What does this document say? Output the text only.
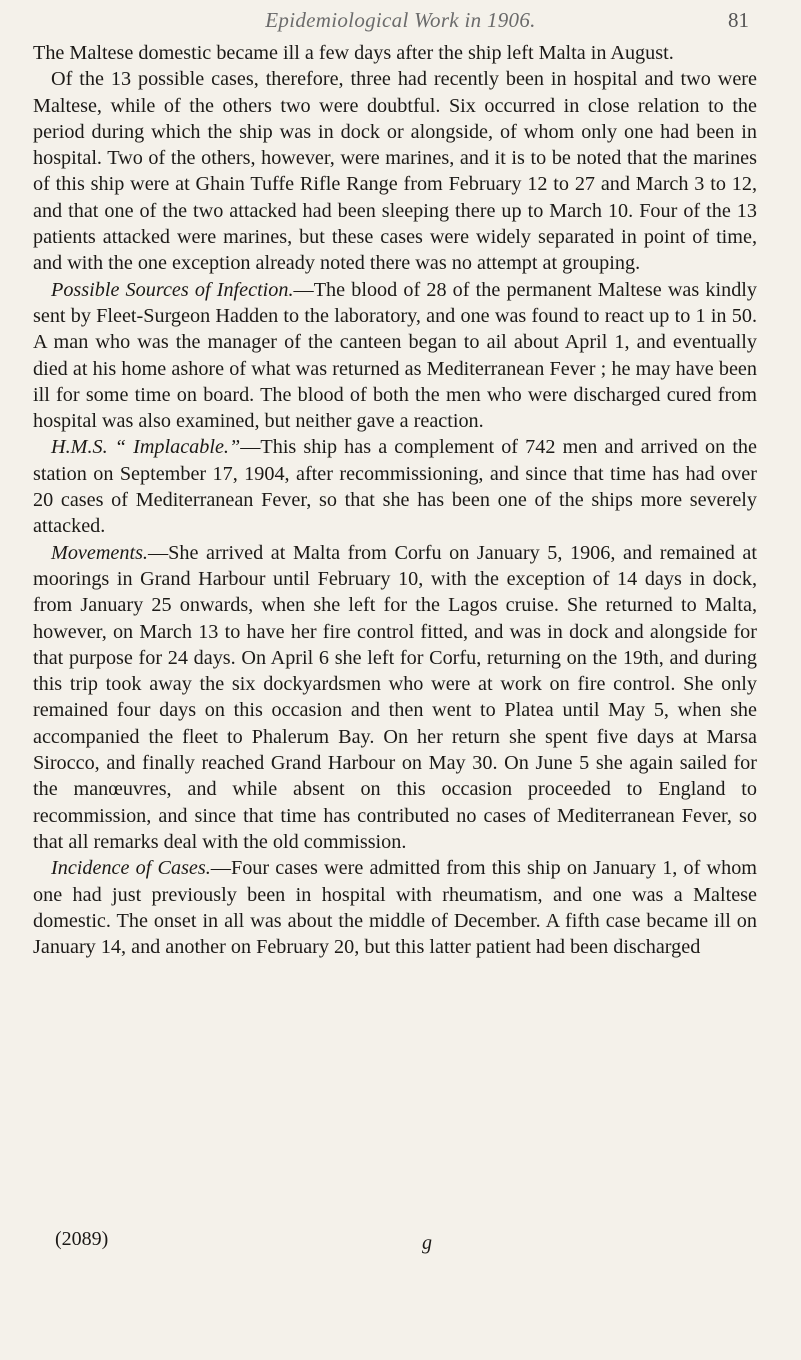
Epidemiological Work in 1906.	81

The Maltese domestic became ill a few days after the ship left Malta in August.

Of the 13 possible cases, therefore, three had recently been in hospital and two were Maltese, while of the others two were doubtful. Six occurred in close relation to the period during which the ship was in dock or alongside, of whom only one had been in hospital. Two of the others, however, were marines, and it is to be noted that the marines of this ship were at Ghain Tuffe Rifle Range from February 12 to 27 and March 3 to 12, and that one of the two attacked had been sleeping there up to March 10. Four of the 13 patients attacked were marines, but these cases were widely separated in point of time, and with the one exception already noted there was no attempt at grouping.

Possible Sources of Infection.—The blood of 28 of the permanent Maltese was kindly sent by Fleet-Surgeon Hadden to the laboratory, and one was found to react up to 1 in 50. A man who was the manager of the canteen began to ail about April 1, and eventually died at his home ashore of what was returned as Mediterranean Fever ; he may have been ill for some time on board. The blood of both the men who were discharged cured from hospital was also examined, but neither gave a reaction.

H.M.S. “ Implacable.”—This ship has a complement of 742 men and arrived on the station on September 17, 1904, after recommissioning, and since that time has had over 20 cases of Mediterranean Fever, so that she has been one of the ships more severely attacked.

Movements.—She arrived at Malta from Corfu on January 5, 1906, and remained at moorings in Grand Harbour until February 10, with the exception of 14 days in dock, from January 25 onwards, when she left for the Lagos cruise. She returned to Malta, however, on March 13 to have her fire control fitted, and was in dock and alongside for that purpose for 24 days. On April 6 she left for Corfu, returning on the 19th, and during this trip took away the six dockyardsmen who were at work on fire control. She only remained four days on this occasion and then went to Platea until May 5, when she accompanied the fleet to Phalerum Bay. On her return she spent five days at Marsa Sirocco, and finally reached Grand Harbour on May 30. On June 5 she again sailed for the manœuvres, and while absent on this occasion proceeded to England to recommission, and since that time has contributed no cases of Mediterranean Fever, so that all remarks deal with the old commission.

Incidence of Cases.—Four cases were admitted from this ship on January 1, of whom one had just previously been in hospital with rheumatism, and one was a Maltese domestic. The onset in all was about the middle of December. A fifth case became ill on January 14, and another on February 20, but this latter patient had been discharged

(2089)	g
